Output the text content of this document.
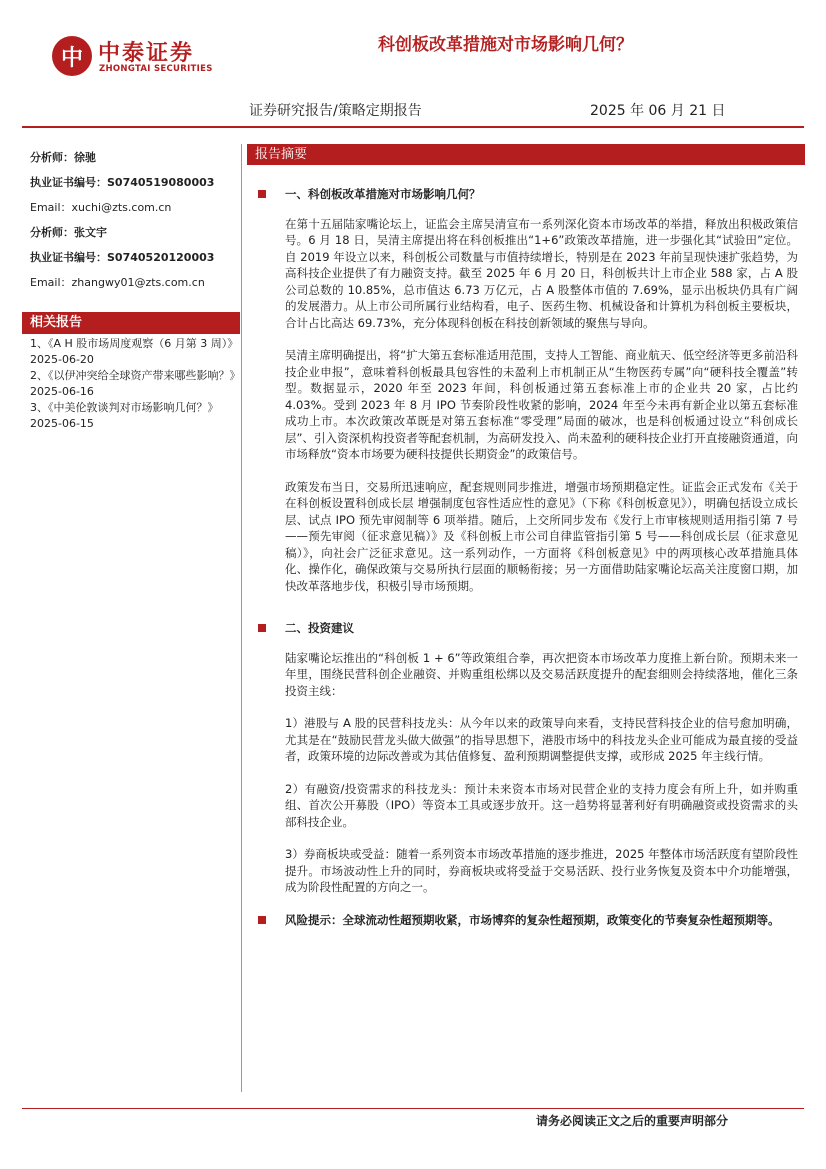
中 中泰证券
ZHONGTAI SECURITIES
科创板改革措施对市场影响几何？
证券研究报告/策略定期报告	2025 年 06 月 21 日
分析师：徐驰
执业证书编号：S0740519080003
Email：xuchi@zts.com.cn
分析师：张文宇
执业证书编号：S0740520120003
Email：zhangwy01@zts.com.cn
相关报告
1、《A H 股市场周度观察（6 月第 3 周）》2025-06-20
2、《以伊冲突给全球资产带来哪些影响？》2025-06-16
3、《中美伦敦谈判对市场影响几何？》2025-06-15
报告摘要
一、科创板改革措施对市场影响几何？
在第十五届陆家嘴论坛上，证监会主席吴清宣布一系列深化资本市场改革的举措，释放出积极政策信号。6 月 18 日，吴清主席提出将在科创板推出“1+6”政策改革措施，进一步强化其“试验田”定位。自 2019 年设立以来，科创板公司数量与市值持续增长，特别是在 2023 年前呈现快速扩张趋势，为高科技企业提供了有力融资支持。截至 2025 年 6 月 20 日，科创板共计上市企业 588 家，占 A 股公司总数的 10.85%，总市值达 6.73 万亿元，占 A 股整体市值的 7.69%，显示出板块仍具有广阔的发展潜力。从上市公司所属行业结构看，电子、医药生物、机械设备和计算机为科创板主要板块，合计占比高达 69.73%，充分体现科创板在科技创新领域的聚焦与导向。
吴清主席明确提出，将“扩大第五套标准适用范围，支持人工智能、商业航天、低空经济等更多前沿科技企业申报”，意味着科创板最具包容性的未盈利上市机制正从“生物医药专属”向“硬科技全覆盖”转型。数据显示，2020 年至 2023 年间，科创板通过第五套标准上市的企业共 20 家，占比约 4.03%。受到 2023 年 8 月 IPO 节奏阶段性收紧的影响，2024 年至今未再有新企业以第五套标准成功上市。本次政策改革既是对第五套标准“零受理”局面的破冰，也是科创板通过设立“科创成长层”、引入资深机构投资者等配套机制，为高研发投入、尚未盈利的硬科技企业打开直接融资通道，向市场释放“资本市场要为硬科技提供长期资金”的政策信号。
政策发布当日，交易所迅速响应，配套规则同步推进，增强市场预期稳定性。证监会正式发布《关于在科创板设置科创成长层 增强制度包容性适应性的意见》（下称《科创板意见》），明确包括设立成长层、试点 IPO 预先审阅制等 6 项举措。随后，上交所同步发布《发行上市审核规则适用指引第 7 号——预先审阅（征求意见稿）》及《科创板上市公司自律监管指引第 5 号——科创成长层（征求意见稿）》，向社会广泛征求意见。这一系列动作，一方面将《科创板意见》中的两项核心改革措施具体化、操作化，确保政策与交易所执行层面的顺畅衔接；另一方面借助陆家嘴论坛高关注度窗口期，加快改革落地步伐，积极引导市场预期。
二、投资建议
陆家嘴论坛推出的“科创板 1 + 6”等政策组合拳，再次把资本市场改革力度推上新台阶。预期未来一年里，围绕民营科创企业融资、并购重组松绑以及交易活跃度提升的配套细则会持续落地，催化三条投资主线：
1）港股与 A 股的民营科技龙头：从今年以来的政策导向来看，支持民营科技企业的信号愈加明确，尤其是在“鼓励民营龙头做大做强”的指导思想下，港股市场中的科技龙头企业可能成为最直接的受益者，政策环境的边际改善或为其估值修复、盈利预期调整提供支撑，或形成 2025 年主线行情。
2）有融资/投资需求的科技龙头：预计未来资本市场对民营企业的支持力度会有所上升，如并购重组、首次公开募股（IPO）等资本工具或逐步放开。这一趋势将显著利好有明确融资或投资需求的头部科技企业。
3）券商板块或受益：随着一系列资本市场改革措施的逐步推进，2025 年整体市场活跃度有望阶段性提升。市场波动性上升的同时，券商板块或将受益于交易活跃、投行业务恢复及资本中介功能增强，成为阶段性配置的方向之一。
风险提示：全球流动性超预期收紧，市场博弈的复杂性超预期，政策变化的节奏复杂性超预期等。
请务必阅读正文之后的重要声明部分
